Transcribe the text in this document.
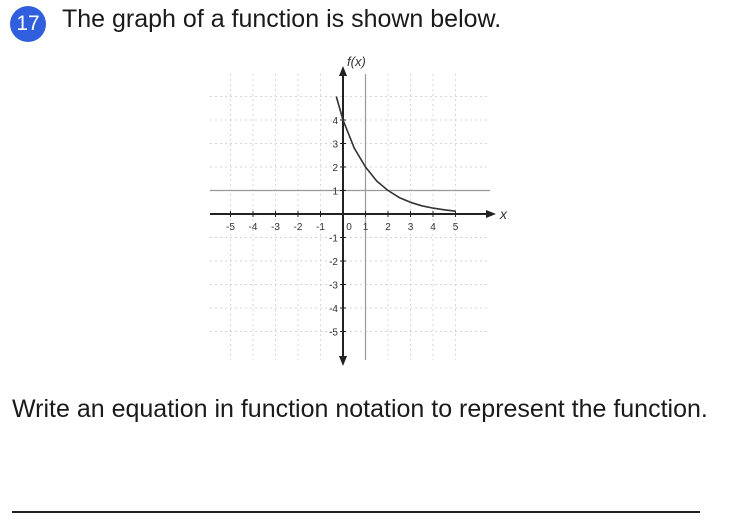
17 The graph of a function is shown below.
-5 -4 -3 -2 -1 0 1 2 3 4 5
4
3
2
1
-1
-2
-3
-4
-5
f(x)
x
Write an equation in function notation to represent the function.
